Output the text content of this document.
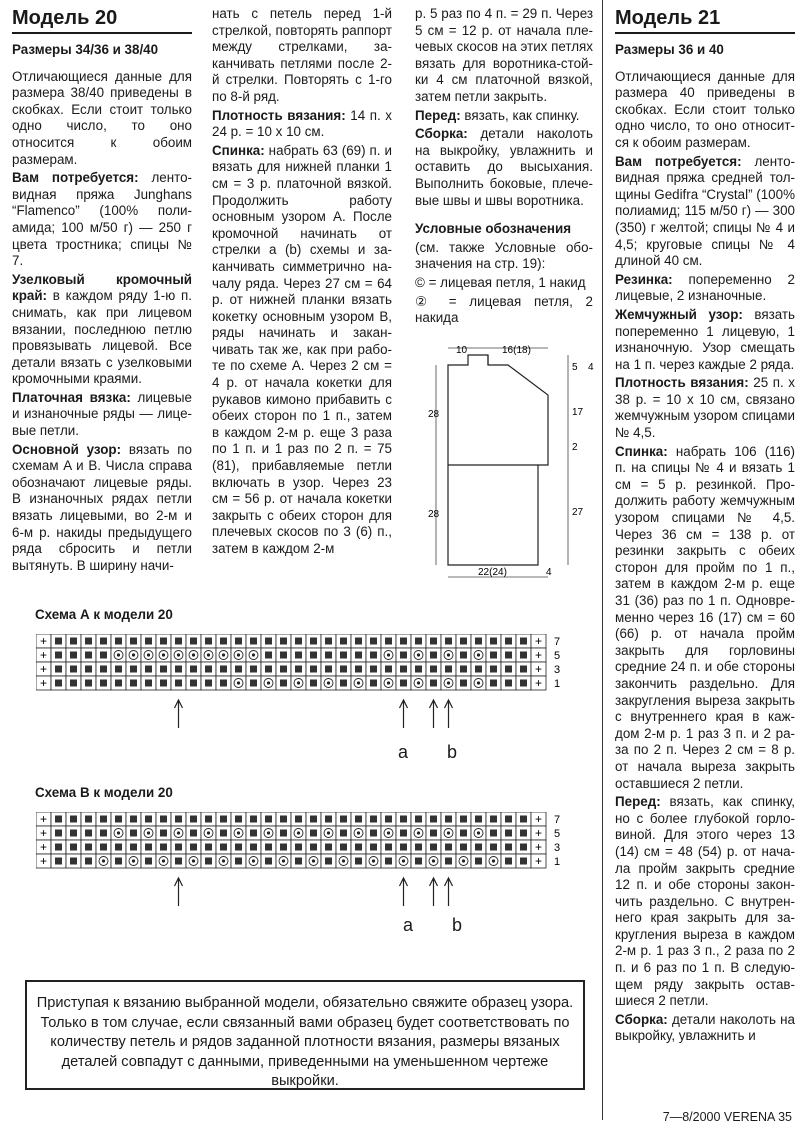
Модель 20
Размеры 34/36 и 38/40

Отличающиеся данные для размера 38/40 приведены в скобках. Если стоит только одно число, то оно относится к обоим размерам.

Вам потребуется: лентовидная пряжа Junghans “Flamenco” (100% полиамида; 100 м/50 г) — 250 г цвета тростника; спицы № 7.

Узелковый кромочный край: в каждом ряду 1-ю п. снимать, как при лицевом вязании, последнюю петлю провязывать лицевой. Все детали вязать с узелковыми кромочными краями.

Платочная вязка: лицевые и изнаночные ряды — лицевые петли.

Основной узор: вязать по схемам A и B. Числа справа обозначают лицевые ряды. В изнаночных рядах петли вязать лицевыми, во 2-м и 6-м р. накиды предыдущего ряда сбросить и петли вытянуть. В ширину начи-

нать с петель перед 1-й стрелкой, повторять раппорт между стрелками, заканчивать петлями после 2-й стрелки. Повторять с 1-го по 8-й ряд.

Плотность вязания: 14 п. x 24 р. = 10 x 10 см.

Спинка: набрать 63 (69) п. и вязать для нижней планки 1 см = 3 р. платочной вязкой. Продолжить работу основным узором A. После кромочной начинать от стрелки a (b) схемы и заканчивать симметрично началу ряда. Через 27 см = 64 р. от нижней планки вязать кокетку основным узором B, ряды начинать и заканчивать так же, как при работе по схеме A. Через 2 см = 4 р. от начала кокетки для рукавов кимоно прибавить с обеих сторон по 1 п., затем в каждом 2-м р. еще 3 раза по 1 п. и 1 раз по 2 п. = 75 (81), прибавляемые петли включать в узор. Через 23 см = 56 р. от начала кокетки закрыть с обеих сторон для плечевых скосов по 3 (6) п., затем в каждом 2-м

р. 5 раз по 4 п. = 29 п. Через 5 см = 12 р. от начала плечевых скосов на этих петлях вязать для воротника-стойки 4 см платочной вязкой, затем петли закрыть.

Перед: вязать, как спинку.

Сборка: детали наколоть на выкройку, увлажнить и оставить до высыхания. Выполнить боковые, плечевые швы и швы воротника.

Условные обозначения

(см. также Условные обозначения на стр. 19):

© = лицевая петля, 1 накид

② = лицевая петля, 2 накида

10	16(18)
5 4
17
2
27
28
28
22(24)	4
Схема А к модели 20
+	+ 7
+	+ 5
+	+ 3
+	+ 1
a b
Схема В к модели 20
+	+ 7
+	+ 5
+	+ 3
+	+ 1
a b
Модель 21
Размеры 36 и 40

Отличающиеся данные для размера 40 приведены в скобках. Если стоит только одно число, то оно относится к обоим размерам.

Вам потребуется: лентовидная пряжа средней толщины Gedifra “Crystal” (100% полиамид; 115 м/50 г) — 300 (350) г желтой; спицы № 4 и 4,5; круговые спицы № 4 длиной 40 см.

Резинка: попеременно 2 лицевые, 2 изнаночные.

Жемчужный узор: вязать попеременно 1 лицевую, 1 изнаночную. Узор смещать на 1 п. через каждые 2 ряда.

Плотность вязания: 25 п. x 38 р. = 10 x 10 см, связано жемчужным узором спицами № 4,5.

Спинка: набрать 106 (116) п. на спицы № 4 и вязать 1 см = 5 р. резинкой. Продолжить работу жемчужным узором спицами № 4,5. Через 36 см = 138 р. от резинки закрыть с обеих сторон для пройм по 1 п., затем в каждом 2-м р. еще 31 (36) раз по 1 п. Одновременно через 16 (17) см = 60 (66) р. от начала пройм закрыть для горловины средние 24 п. и обе стороны закончить раздельно. Для закругления выреза закрыть с внутреннего края в каждом 2-м р. 1 раз 3 п. и 2 раза по 2 п. Через 2 см = 8 р. от начала выреза закрыть оставшиеся 2 петли.

Перед: вязать, как спинку, но с более глубокой горловиной. Для этого через 13 (14) см = 48 (54) р. от начала пройм закрыть средние 12 п. и обе стороны закончить раздельно. С внутреннего края закрыть для закругления выреза в каждом 2-м р. 1 раз 3 п., 2 раза по 2 п. и 6 раз по 1 п. В следующем ряду закрыть оставшиеся 2 петли.

Сборка: детали наколоть на выкройку, увлажнить и

Приступая к вязанию выбранной модели, обязательно свяжите образец узора. Только в том случае, если связанный вами образец будет соответствовать по количеству петель и рядов заданной плотности вязания, размеры вязаных деталей совпадут с данными, приведенными на уменьшенном чертеже выкройки.
7—8/2000 VERENA 35
